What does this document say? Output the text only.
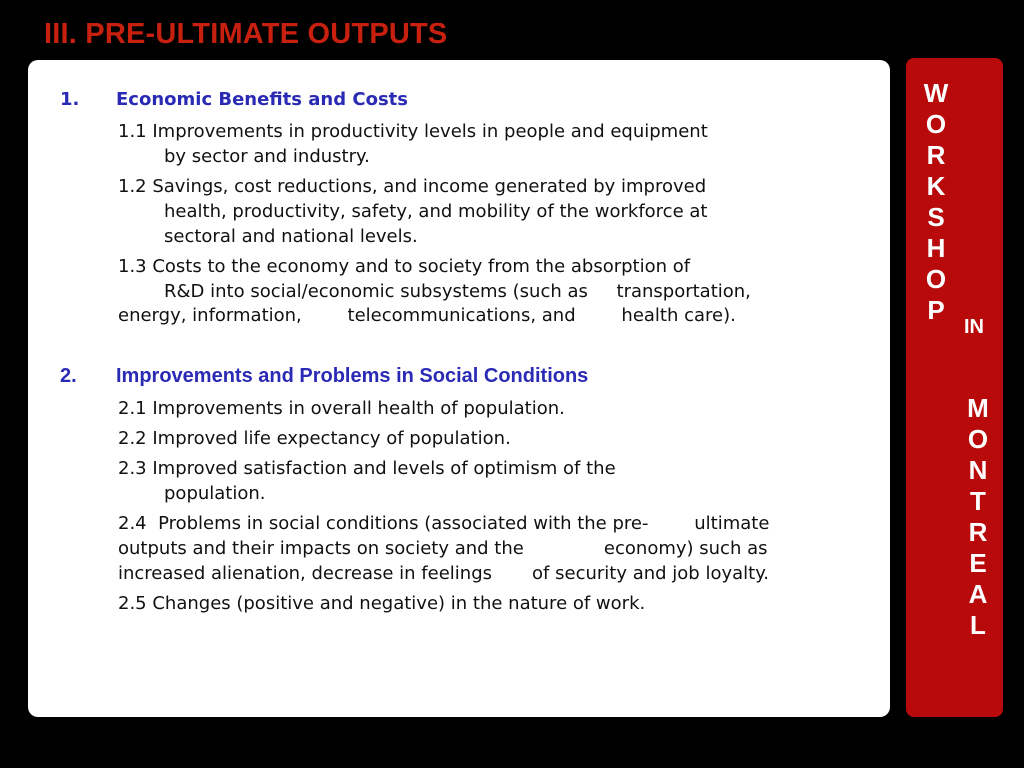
III. PRE-ULTIMATE OUTPUTS
1. Economic Benefits and Costs
1.1 Improvements in productivity levels in people and equipment
by sector and industry.
1.2 Savings, cost reductions, and income generated by improved
health, productivity, safety, and mobility of the workforce at
sectoral and national levels.
1.3 Costs to the economy and to society from the absorption of
R&D into social/economic subsystems (such as     transportation,
energy, information,        telecommunications, and        health care).
2. Improvements and Problems in Social Conditions
2.1 Improvements in overall health of population.
2.2 Improved life expectancy of population.
2.3 Improved satisfaction and levels of optimism of the
population.
2.4  Problems in social conditions (associated with the pre-        ultimate
outputs and their impacts on society and the              economy) such as
increased alienation, decrease in feelings       of security and job loyalty.
2.5 Changes (positive and negative) in the nature of work.
W
O
R
K
S
H
O
P
IN
M
O
N
T
R
E
A
L
